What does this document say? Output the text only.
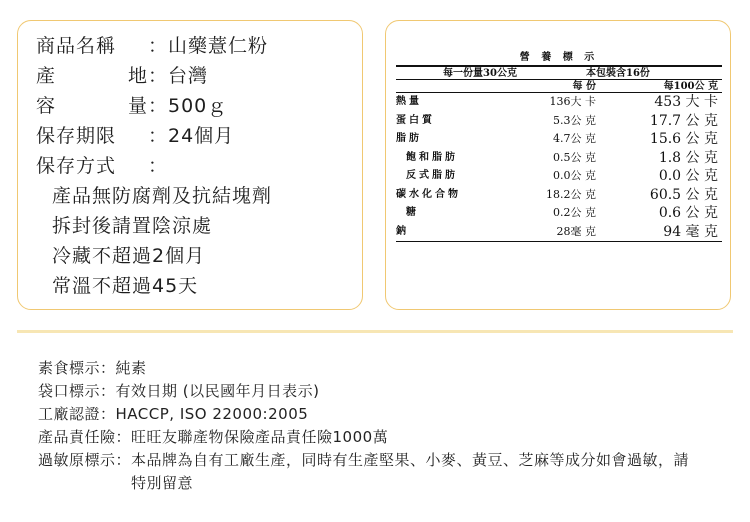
商品名稱 ：山藥薏仁粉
產地：台灣
容量：500ｇ
保存期限 ：24個月
保存方式 ：
產品無防腐劑及抗結塊劑
拆封後請置陰涼處
冷藏不超過2個月
常溫不超過45天
營 養 標 示
每一份量30公克	本包裝含16份
每 份	每100公 克
熱量	136大 卡	453 大 卡
蛋白質	5.3公 克	17.7 公 克
脂肪	4.7公 克	15.6 公 克
飽和脂肪	0.5公 克	1.8 公 克
反式脂肪	0.0公 克	0.0 公 克
碳水化合物	18.2公 克	60.5 公 克
糖	0.2公 克	0.6 公 克
鈉	28毫 克	94 毫 克
素食標示： 純素
袋口標示： 有效日期 (以民國年月日表示)
工廠認證： HACCP, ISO 22000:2005
產品責任險： 旺旺友聯產物保險產品責任險1000萬
過敏原標示： 本品牌為自有工廠生產，同時有生產堅果、小麥、黃豆、芝麻等成分如會過敏，請特別留意
